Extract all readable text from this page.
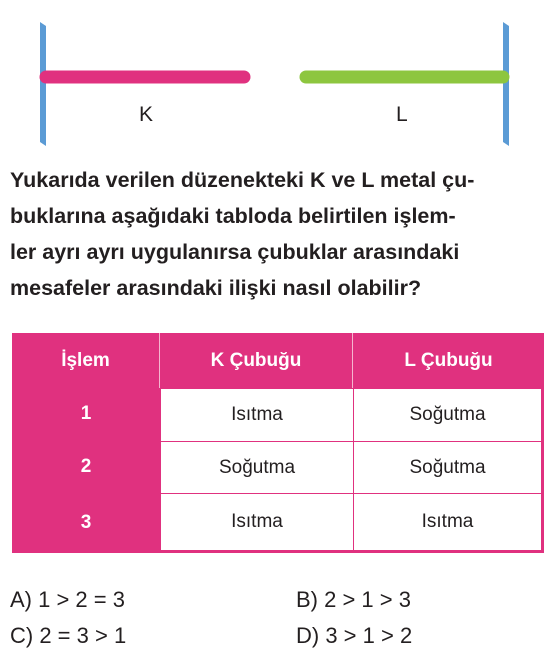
K	L

Yukarıda verilen düzenekteki K ve L metal çu-
buklarına aşağıdaki tabloda belirtilen işlem-
ler ayrı ayrı uygulanırsa çubuklar arasındaki
mesafeler arasındaki ilişki nasıl olabilir?

İşlem	K Çubuğu	L Çubuğu
1	Isıtma	Soğutma
2	Soğutma	Soğutma
3	Isıtma	Isıtma
A) 1 > 2 = 3	B) 2 > 1 > 3
C) 2 = 3 > 1	D) 3 > 1 > 2
